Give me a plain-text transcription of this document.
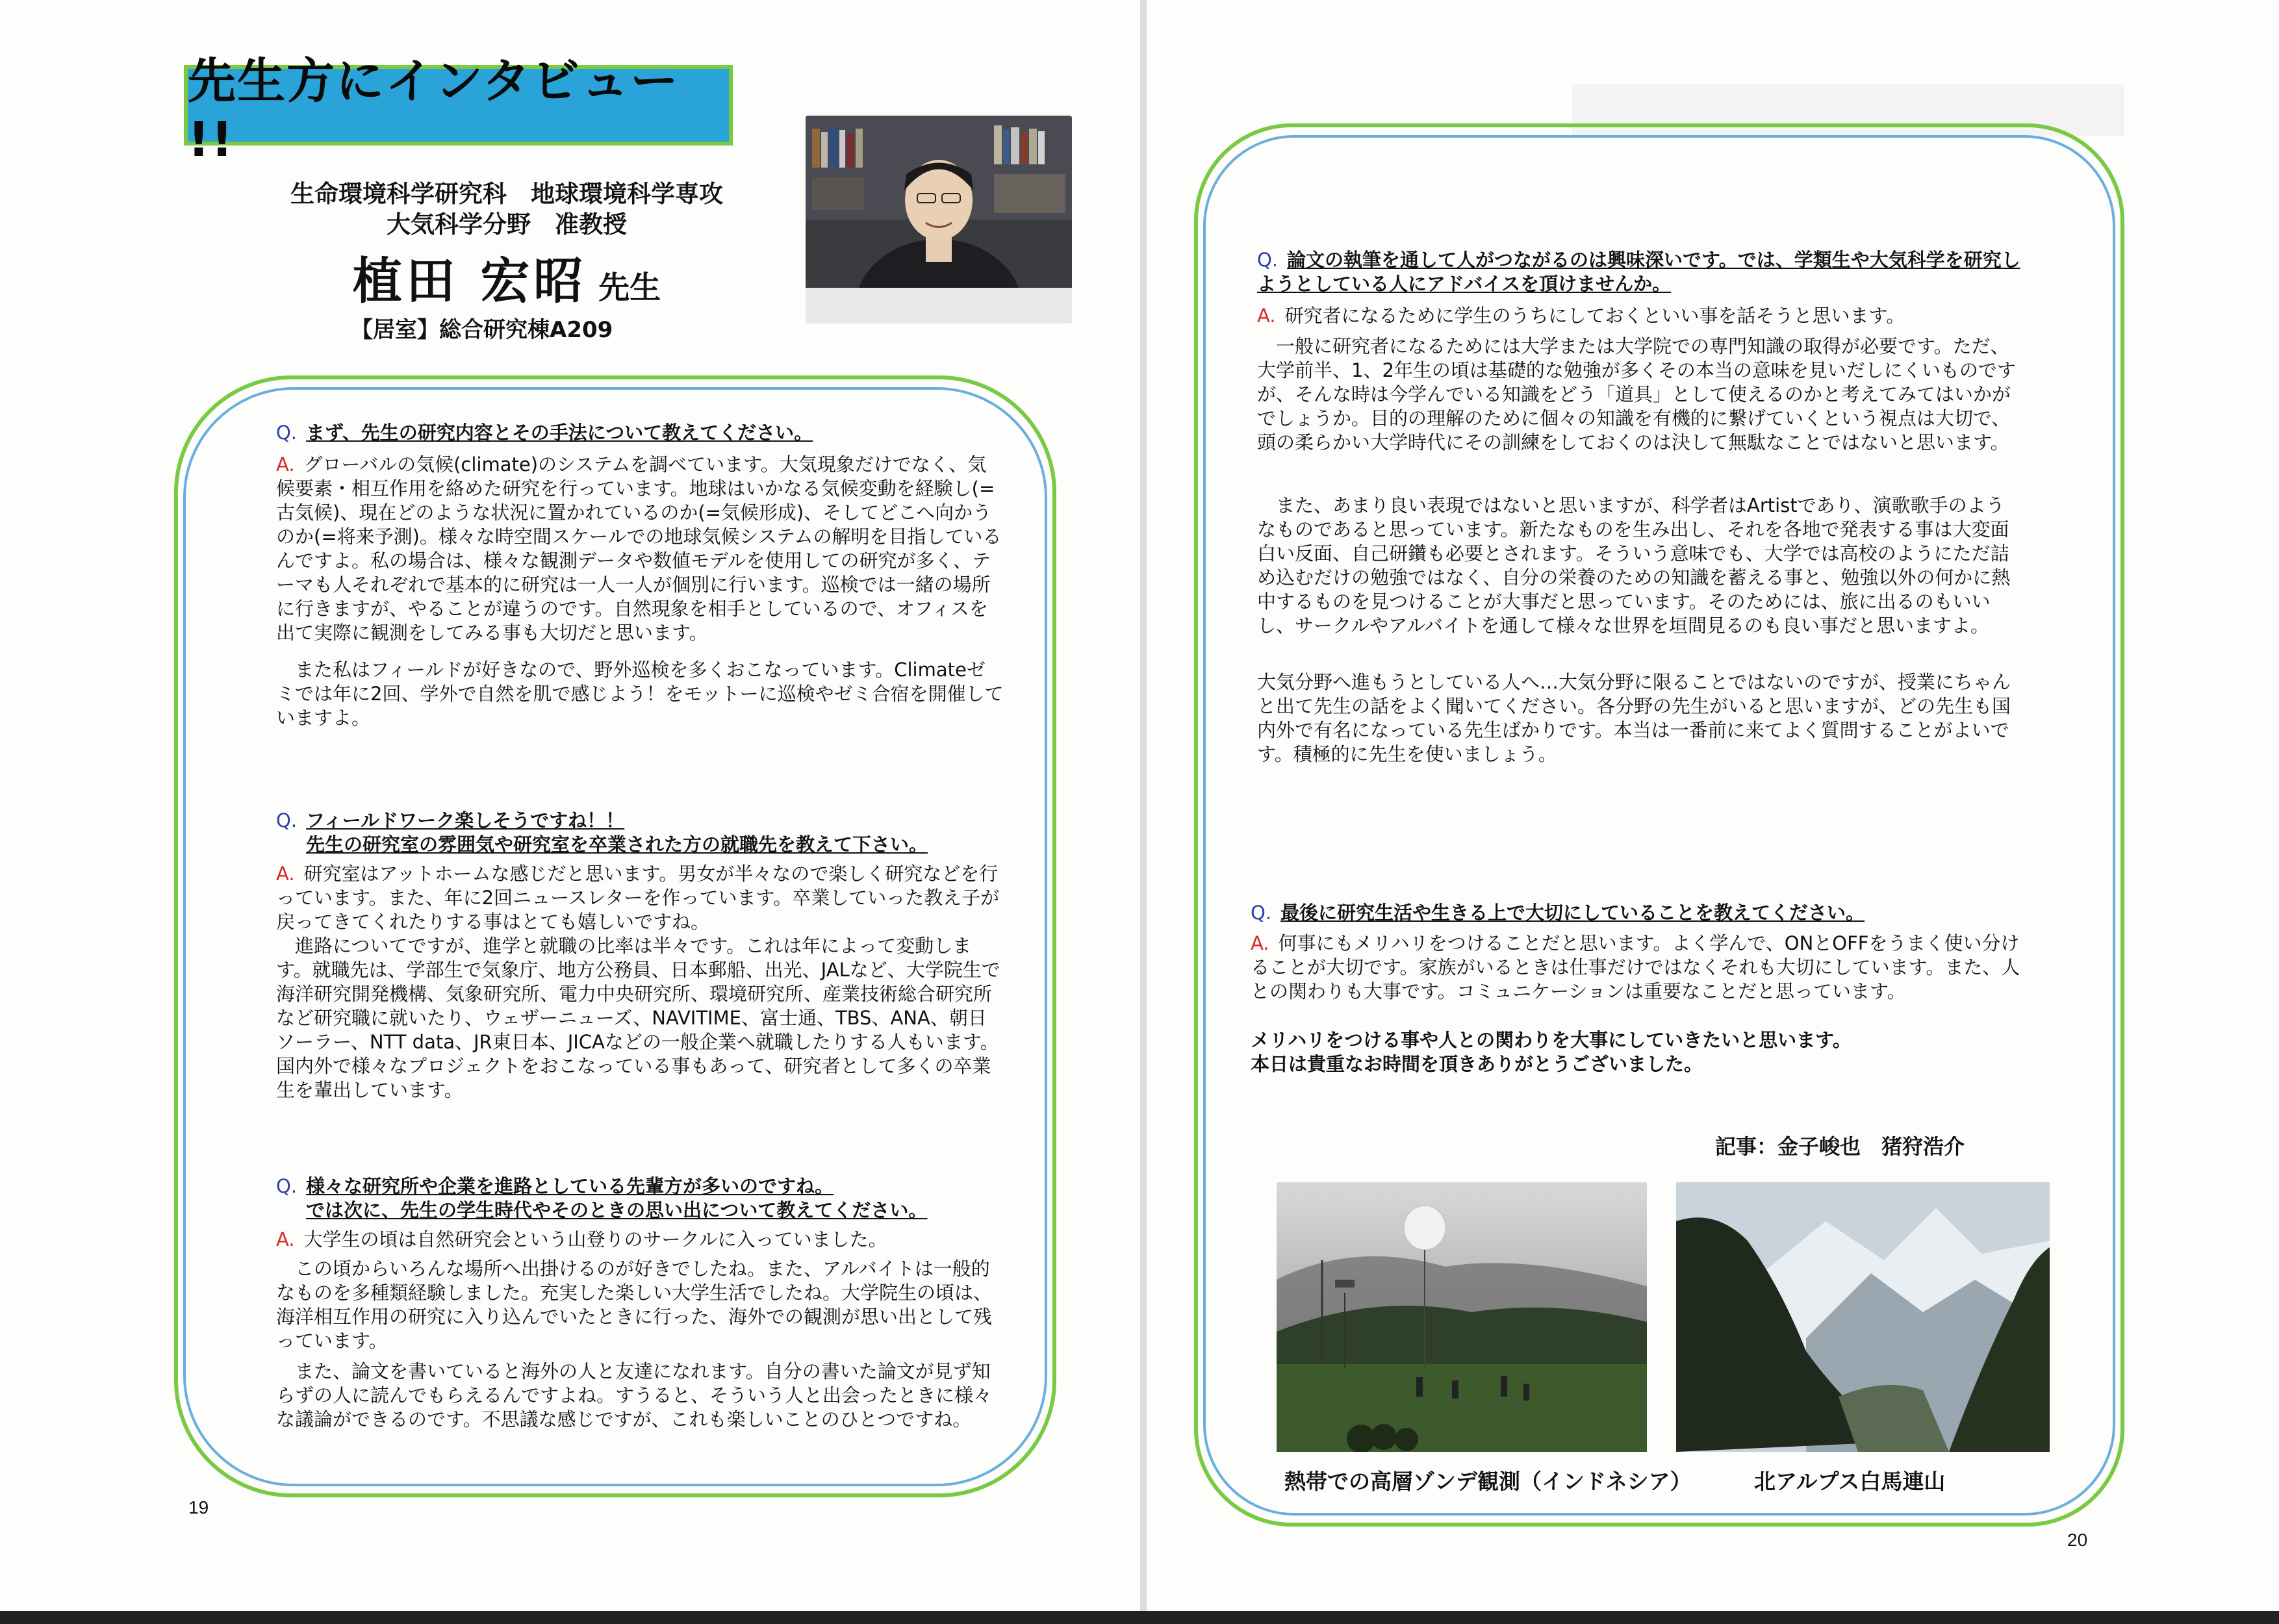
先生方にインタビュー !!
生命環境科学研究科　地球環境科学専攻
大気科学分野　准教授
植田 宏昭 先生
【居室】総合研究棟A209
Q. まず、先生の研究内容とその手法について教えてください。

A. グローバルの気候(climate)のシステムを調べています。大気現象だけでなく、気候要素・相互作用を絡めた研究を行っています。地球はいかなる気候変動を経験し(=古気候)、現在どのような状況に置かれているのか(=気候形成)、そしてどこへ向かうのか(=将来予測)。様々な時空間スケールでの地球気候システムの解明を目指しているんですよ。私の場合は、様々な観測データや数値モデルを使用しての研究が多く、テーマも人それぞれで基本的に研究は一人一人が個別に行います。巡検では一緒の場所に行きますが、やることが違うのです。自然現象を相手としているので、オフィスを出て実際に観測をしてみる事も大切だと思います。

また私はフィールドが好きなので、野外巡検を多くおこなっています。Climateゼミでは年に2回、学外で自然を肌で感じよう！をモットーに巡検やゼミ合宿を開催していますよ。

Q. フィールドワーク楽しそうですね！！
先生の研究室の雰囲気や研究室を卒業された方の就職先を教えて下さい。

A. 研究室はアットホームな感じだと思います。男女が半々なので楽しく研究などを行っています。また、年に2回ニュースレターを作っています。卒業していった教え子が戻ってきてくれたりする事はとても嬉しいですね。

進路についてですが、進学と就職の比率は半々です。これは年によって変動します。就職先は、学部生で気象庁、地方公務員、日本郵船、出光、JALなど、大学院生で海洋研究開発機構、気象研究所、電力中央研究所、環境研究所、産業技術総合研究所など研究職に就いたり、ウェザーニューズ、NAVITIME、富士通、TBS、ANA、朝日ソーラー、NTT data、JR東日本、JICAなどの一般企業へ就職したりする人もいます。国内外で様々なプロジェクトをおこなっている事もあって、研究者として多くの卒業生を輩出しています。

Q. 様々な研究所や企業を進路としている先輩方が多いのですね。
では次に、先生の学生時代やそのときの思い出について教えてください。

A. 大学生の頃は自然研究会という山登りのサークルに入っていました。

この頃からいろんな場所へ出掛けるのが好きでしたね。また、アルバイトは一般的なものを多種類経験しました。充実した楽しい大学生活でしたね。大学院生の頃は、海洋相互作用の研究に入り込んでいたときに行った、海外での観測が思い出として残っています。

また、論文を書いていると海外の人と友達になれます。自分の書いた論文が見ず知らずの人に読んでもらえるんですよね。すうると、そういう人と出会ったときに様々な議論ができるのです。不思議な感じですが、これも楽しいことのひとつですね。

19
Q. 論文の執筆を通して人がつながるのは興味深いです。では、学類生や大気科学を研究しようとしている人にアドバイスを頂けませんか。

A. 研究者になるために学生のうちにしておくといい事を話そうと思います。

一般に研究者になるためには大学または大学院での専門知識の取得が必要です。ただ、大学前半、1、2年生の頃は基礎的な勉強が多くその本当の意味を見いだしにくいものですが、そんな時は今学んでいる知識をどう「道具」として使えるのかと考えてみてはいかがでしょうか。目的の理解のために個々の知識を有機的に繋げていくという視点は大切で、頭の柔らかい大学時代にその訓練をしておくのは決して無駄なことではないと思います。

また、あまり良い表現ではないと思いますが、科学者はArtistであり、演歌歌手のようなものであると思っています。新たなものを生み出し、それを各地で発表する事は大変面白い反面、自己研鑽も必要とされます。そういう意味でも、大学では高校のようにただ詰め込むだけの勉強ではなく、自分の栄養のための知識を蓄える事と、勉強以外の何かに熱中するものを見つけることが大事だと思っています。そのためには、旅に出るのもいいし、サークルやアルバイトを通して様々な世界を垣間見るのも良い事だと思いますよ。

大気分野へ進もうとしている人へ…大気分野に限ることではないのですが、授業にちゃんと出て先生の話をよく聞いてください。各分野の先生がいると思いますが、どの先生も国内外で有名になっている先生ばかりです。本当は一番前に来てよく質問することがよいです。積極的に先生を使いましょう。

Q. 最後に研究生活や生きる上で大切にしていることを教えてください。

A. 何事にもメリハリをつけることだと思います。よく学んで、ONとOFFをうまく使い分けることが大切です。家族がいるときは仕事だけではなくそれも大切にしています。また、人との関わりも大事です。コミュニケーションは重要なことだと思っています。

メリハリをつける事や人との関わりを大事にしていきたいと思います。

本日は貴重なお時間を頂きありがとうございました。

記事：金子峻也　猪狩浩介
熱帯での高層ゾンデ観測（インドネシア）	北アルプス白馬連山
20
